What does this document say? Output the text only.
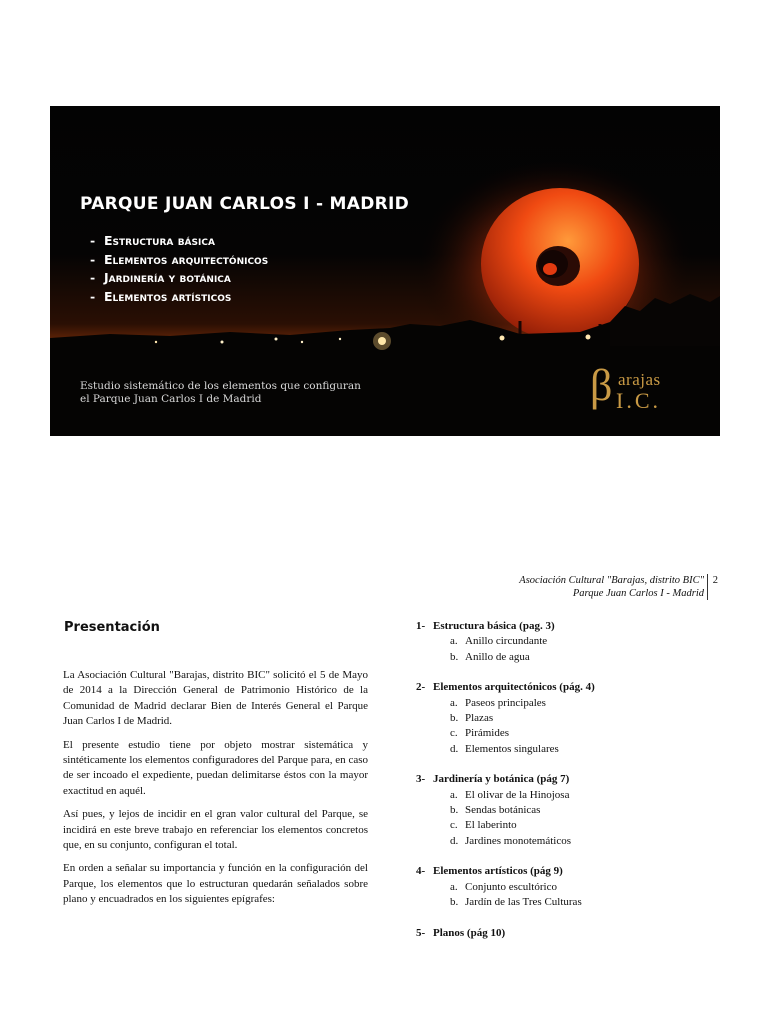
PARQUE JUAN CARLOS I - MADRID
- Estructura básica
- Elementos arquitectónicos
- Jardinería y botánica
- Elementos artísticos

Estudio sistemático de los elementos que configuran
el Parque Juan Carlos I de Madrid	β arajas
I.C.
Asociación Cultural "Barajas, distrito BIC"
Parque Juan Carlos I - Madrid
2
Presentación

La Asociación Cultural "Barajas, distrito BIC" solicitó el 5 de Mayo de 2014 a la Dirección General de Patrimonio Histórico de la Comunidad de Madrid declarar Bien de Interés General el Parque Juan Carlos I de Madrid.

El presente estudio tiene por objeto mostrar sistemática y sintéticamente los elementos configuradores del Parque para, en caso de ser incoado el expediente, puedan delimitarse éstos con la mayor exactitud en aquél.

Así pues, y lejos de incidir en el gran valor cultural del Parque, se incidirá en este breve trabajo en referenciar los elementos concretos que, en su conjunto, configuran el total.

En orden a señalar su importancia y función en la configuración del Parque, los elementos que lo estructuran quedarán señalados sobre plano y encuadrados en los siguientes epígrafes:

1- Estructura básica (pag. 3)
a. Anillo circundante
b. Anillo de agua
2- Elementos arquitectónicos (pág. 4)
a. Paseos principales
b. Plazas
c. Pirámides
d. Elementos singulares
3- Jardinería y botánica (pág 7)
a. El olivar de la Hinojosa
b. Sendas botánicas
c. El laberinto
d. Jardines monotemáticos
4- Elementos artísticos (pág 9)
a. Conjunto escultórico
b. Jardín de las Tres Culturas
5- Planos (pág 10)
